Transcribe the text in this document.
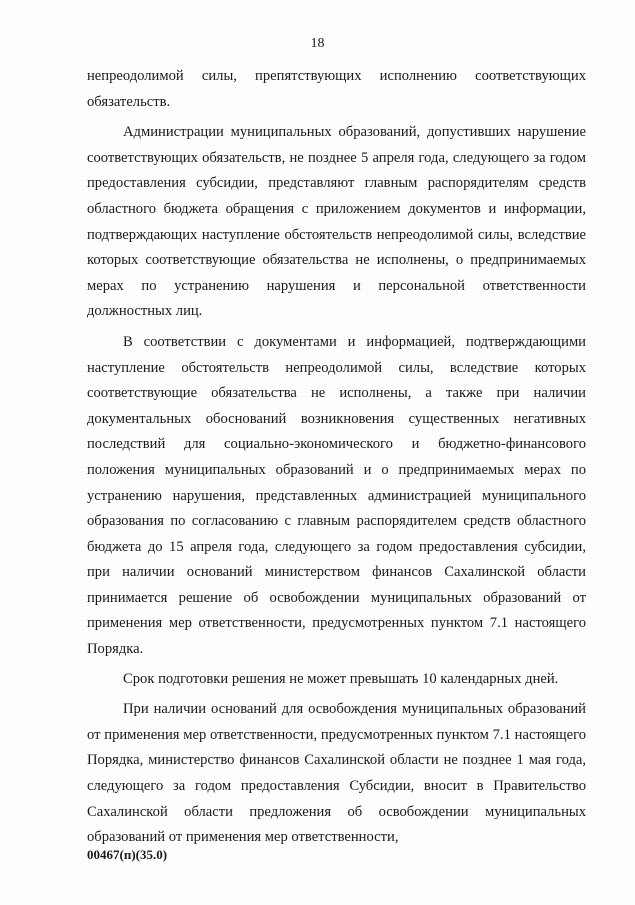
18

непреодолимой силы, препятствующих исполнению соответствующих обязательств.

Администрации муниципальных образований, допустивших нарушение соответствующих обязательств, не позднее 5 апреля года, следующего за годом предоставления субсидии, представляют главным распорядителям средств областного бюджета обращения с приложением документов и информации, подтверждающих наступление обстоятельств непреодолимой силы, вследствие которых соответствующие обязательства не исполнены, о предпринимаемых мерах по устранению нарушения и персональной ответственности должностных лиц.

В соответствии с документами и информацией, подтверждающими наступление обстоятельств непреодолимой силы, вследствие которых соответствующие обязательства не исполнены, а также при наличии документальных обоснований возникновения существенных негативных последствий для социально-экономического и бюджетно-финансового положения муниципальных образований и о предпринимаемых мерах по устранению нарушения, представленных администрацией муниципального образования по согласованию с главным распорядителем средств областного бюджета до 15 апреля года, следующего за годом предоставления субсидии, при наличии оснований министерством финансов Сахалинской области принимается решение об освобождении муниципальных образований от применения мер ответственности, предусмотренных пунктом 7.1 настоящего Порядка.

Срок подготовки решения не может превышать 10 календарных дней.

При наличии оснований для освобождения муниципальных образований от применения мер ответственности, предусмотренных пунктом 7.1 настоящего Порядка, министерство финансов Сахалинской области не позднее 1 мая года, следующего за годом предоставления Субсидии, вносит в Правительство Сахалинской области предложения об освобождении муниципальных образований от применения мер ответственности,

00467(п)(35.0)
